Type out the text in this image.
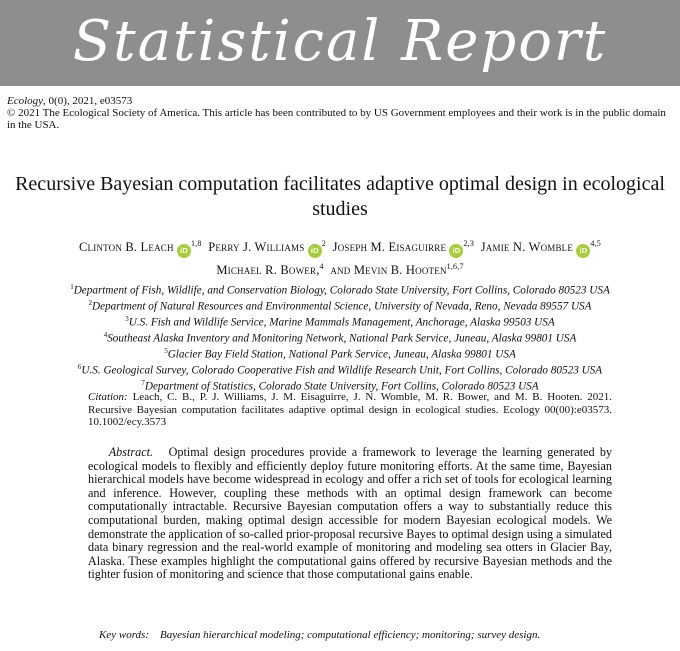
Statistical Report
Ecology, 0(0), 2021, e03573
© 2021 The Ecological Society of America. This article has been contributed to by US Government employees and their work is in the public domain in the USA.
Recursive Bayesian computation facilitates adaptive optimal design in ecological studies
Clinton B. Leach iD$^{1,8}$ Perry J. Williams $iD^2$ Joseph M. Eisaguirre iD$^{2,3}$ Jamie N. Womble iD$^{4,5}$
Michael R. Bower,$^4$ and Mevin B. Hooten$^{1,6,7}$
$^1$Department of Fish, Wildlife, and Conservation Biology, Colorado State University, Fort Collins, Colorado 80523 USA
$^2$Department of Natural Resources and Environmental Science, University of Nevada, Reno, Nevada 89557 USA
$^3$U.S. Fish and Wildlife Service, Marine Mammals Management, Anchorage, Alaska 99503 USA
$^4$Southeast Alaska Inventory and Monitoring Network, National Park Service, Juneau, Alaska 99801 USA
$^5$Glacier Bay Field Station, National Park Service, Juneau, Alaska 99801 USA
$^6$U.S. Geological Survey, Colorado Cooperative Fish and Wildlife Research Unit, Fort Collins, Colorado 80523 USA
$^7$Department of Statistics, Colorado State University, Fort Collins, Colorado 80523 USA
Citation: Leach, C. B., P. J. Williams, J. M. Eisaguirre, J. N. Womble, M. R. Bower, and M. B. Hooten. 2021. Recursive Bayesian computation facilitates adaptive optimal design in ecological studies. Ecology 00(00):e03573. 10.1002/ecy.3573
Abstract. Optimal design procedures provide a framework to leverage the learning generated by ecological models to flexibly and efficiently deploy future monitoring efforts. At the same time, Bayesian hierarchical models have become widespread in ecology and offer a rich set of tools for ecological learning and inference. However, coupling these methods with an optimal design framework can become computationally intractable. Recursive Bayesian computation offers a way to substantially reduce this computational burden, making optimal design accessible for modern Bayesian ecological models. We demonstrate the application of so-called prior-proposal recursive Bayes to optimal design using a simulated data binary regression and the real-world example of monitoring and modeling sea otters in Glacier Bay, Alaska. These examples highlight the computational gains offered by recursive Bayesian methods and the tighter fusion of monitoring and science that those computational gains enable.
Key words: Bayesian hierarchical modeling; computational efficiency; monitoring; survey design.
